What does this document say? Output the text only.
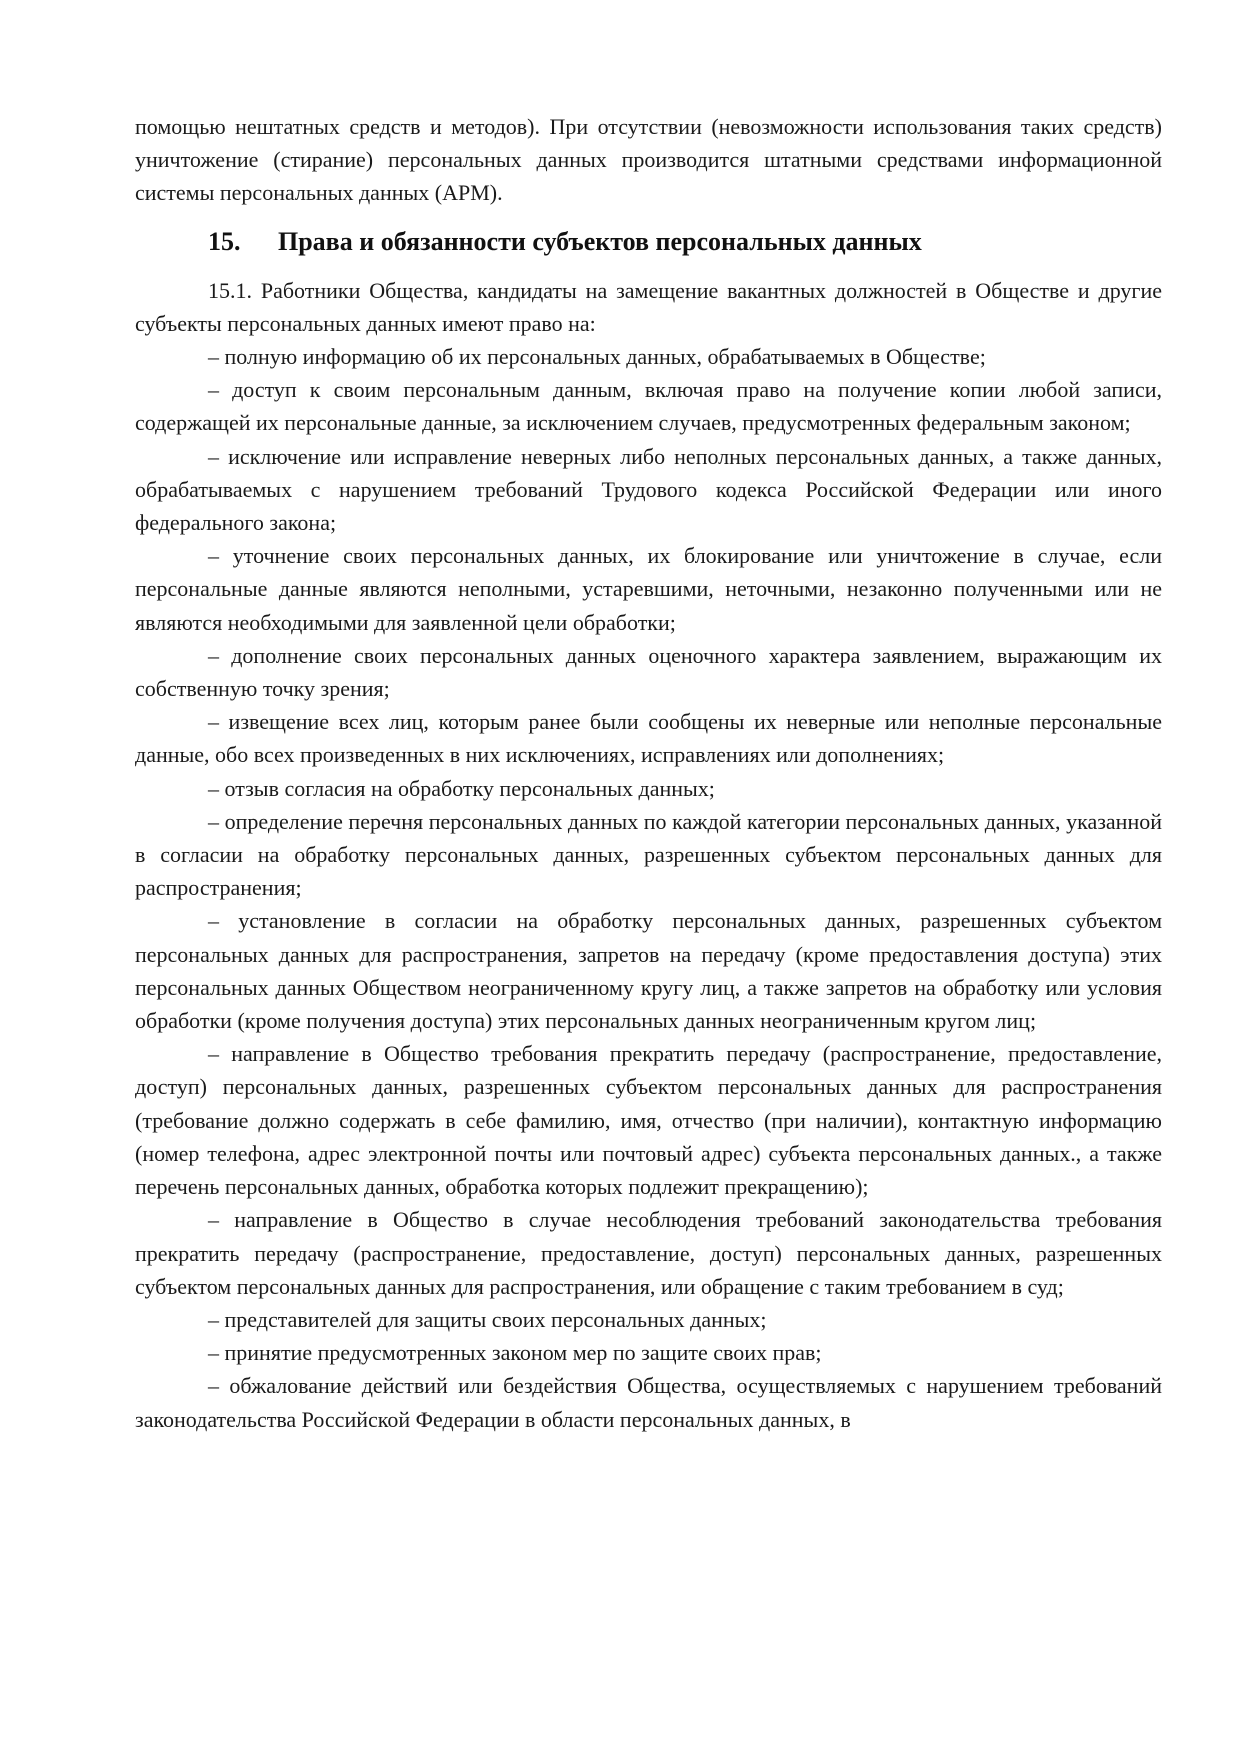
помощью нештатных средств и методов). При отсутствии (невозможности использования таких средств) уничтожение (стирание) персональных данных производится штатными средствами информационной системы персональных данных (АРМ).

15. Права и обязанности субъектов персональных данных

15.1. Работники Общества, кандидаты на замещение вакантных должностей в Обществе и другие субъекты персональных данных имеют право на:

– полную информацию об их персональных данных, обрабатываемых в Обществе;

– доступ к своим персональным данным, включая право на получение копии любой записи, содержащей их персональные данные, за исключением случаев, предусмотренных федеральным законом;

– исключение или исправление неверных либо неполных персональных данных, а также данных, обрабатываемых с нарушением требований Трудового кодекса Российской Федерации или иного федерального закона;

– уточнение своих персональных данных, их блокирование или уничтожение в случае, если персональные данные являются неполными, устаревшими, неточными, незаконно полученными или не являются необходимыми для заявленной цели обработки;

– дополнение своих персональных данных оценочного характера заявлением, выражающим их собственную точку зрения;

– извещение всех лиц, которым ранее были сообщены их неверные или неполные персональные данные, обо всех произведенных в них исключениях, исправлениях или дополнениях;

– отзыв согласия на обработку персональных данных;

– определение перечня персональных данных по каждой категории персональных данных, указанной в согласии на обработку персональных данных, разрешенных субъектом персональных данных для распространения;

– установление в согласии на обработку персональных данных, разрешенных субъектом персональных данных для распространения, запретов на передачу (кроме предоставления доступа) этих персональных данных Обществом неограниченному кругу лиц, а также запретов на обработку или условия обработки (кроме получения доступа) этих персональных данных неограниченным кругом лиц;

– направление в Общество требования прекратить передачу (распространение, предоставление, доступ) персональных данных, разрешенных субъектом персональных данных для распространения (требование должно содержать в себе фамилию, имя, отчество (при наличии), контактную информацию (номер телефона, адрес электронной почты или почтовый адрес) субъекта персональных данных., а также перечень персональных данных, обработка которых подлежит прекращению);

– направление в Общество в случае несоблюдения требований законодательства требования прекратить передачу (распространение, предоставление, доступ) персональных данных, разрешенных субъектом персональных данных для распространения, или обращение с таким требованием в суд;

– представителей для защиты своих персональных данных;

– принятие предусмотренных законом мер по защите своих прав;

– обжалование действий или бездействия Общества, осуществляемых с нарушением требований законодательства Российской Федерации в области персональных данных, в
